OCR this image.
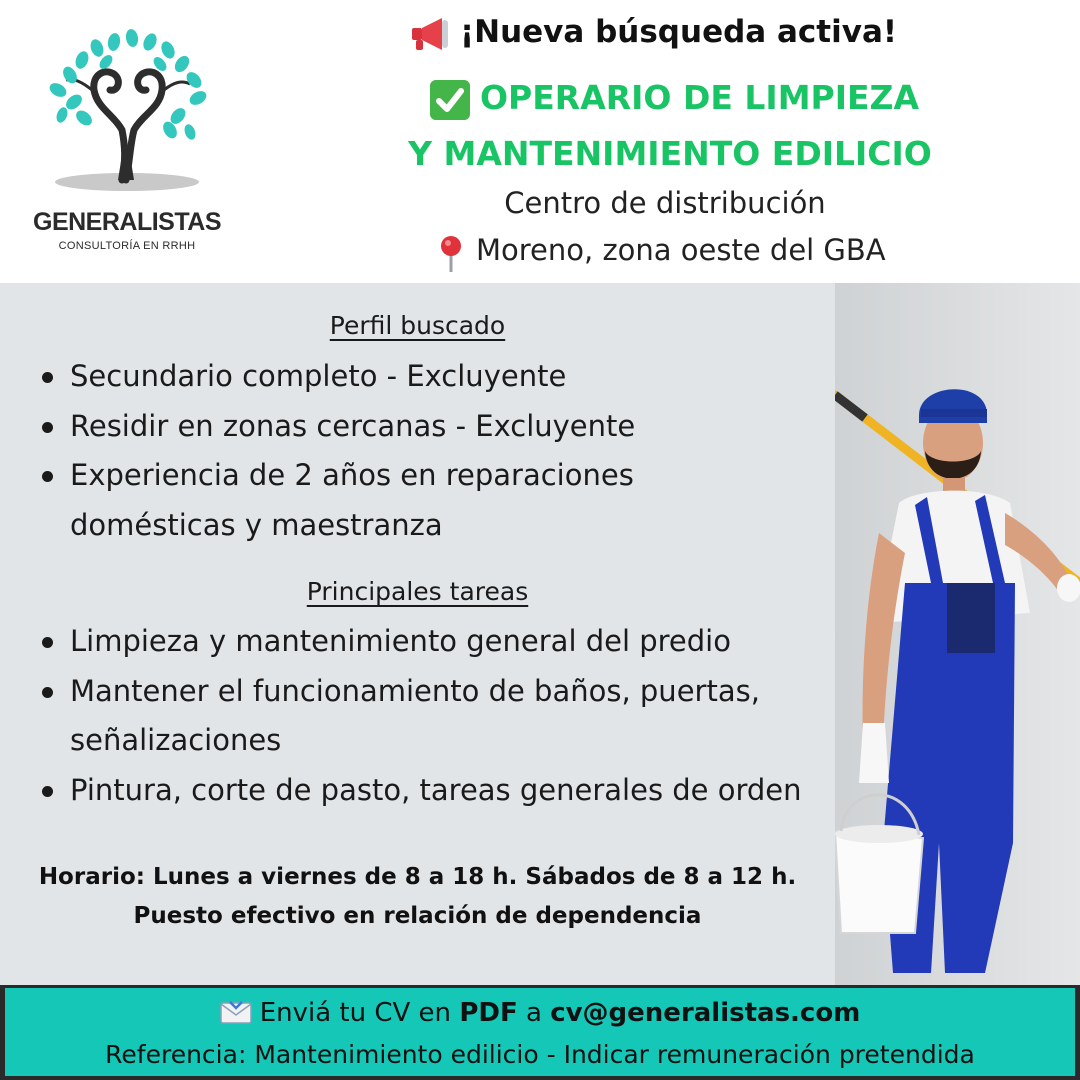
GENERALISTAS
CONSULTORÍA EN RRHH
¡Nueva búsqueda activa!
OPERARIO DE LIMPIEZA
Y MANTENIMIENTO EDILICIO
Centro de distribución
Moreno, zona oeste del GBA
Perfil buscado
Secundario completo - Excluyente
Residir en zonas cercanas - Excluyente
Experiencia de 2 años en reparaciones domésticas y maestranza
Principales tareas
Limpieza y mantenimiento general del predio
Mantener el funcionamiento de baños, puertas, señalizaciones
Pintura, corte de pasto, tareas generales de orden
Horario: Lunes a viernes de 8 a 18 h. Sábados de 8 a 12 h.
Puesto efectivo en relación de dependencia
Enviá tu CV en PDF a cv@generalistas.com
Referencia: Mantenimiento edilicio - Indicar remuneración pretendida
